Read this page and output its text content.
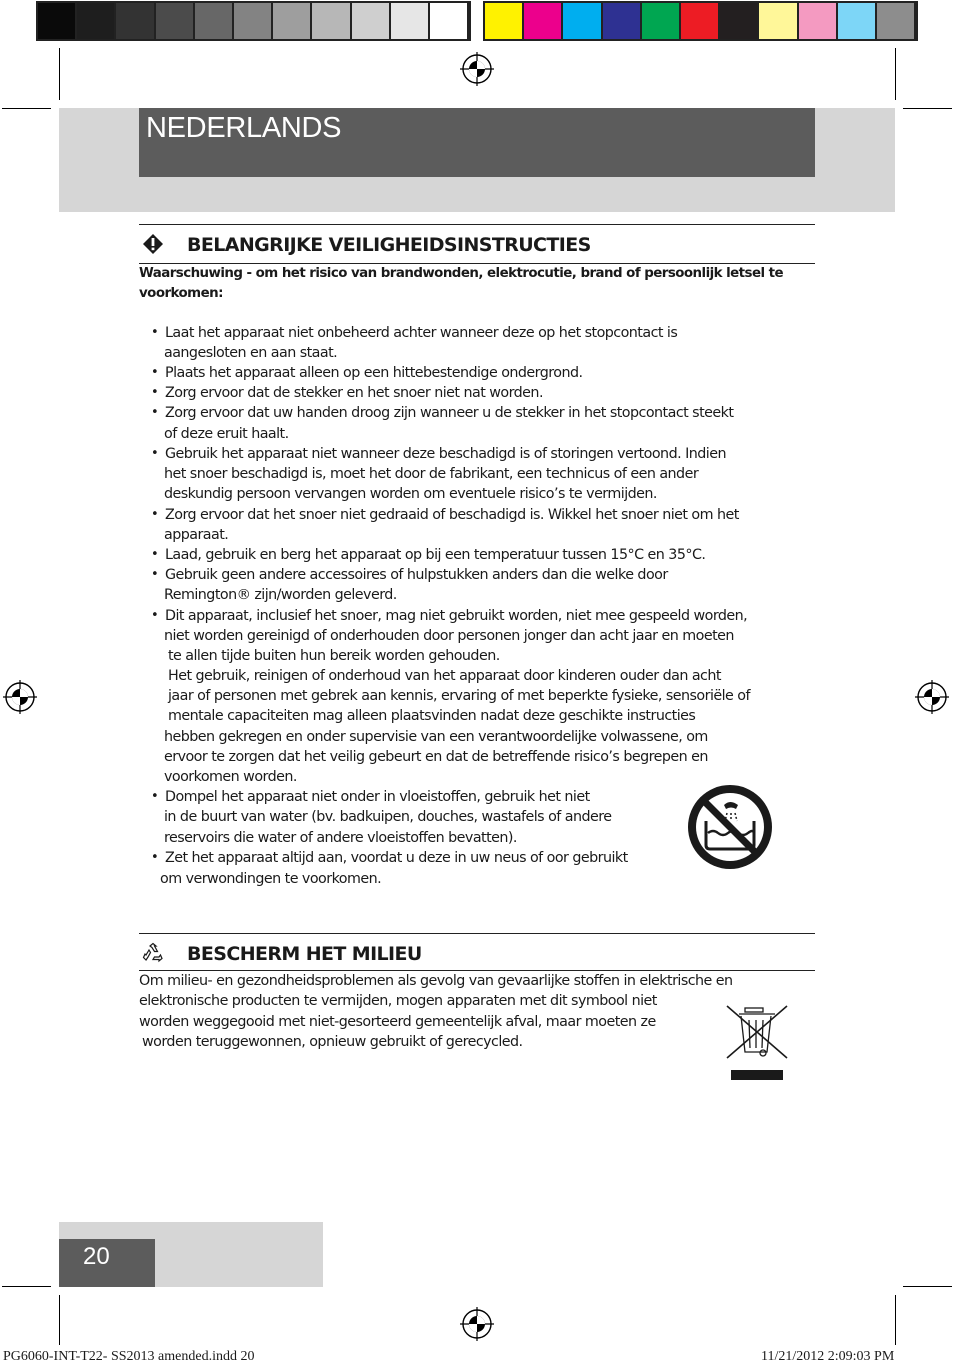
NEDERLANDS
BELANGRIJKE VEILIGHEIDSINSTRUCTIES
Waarschuwing - om het risico van brandwonden, elektrocutie, brand of persoonlijk letsel te voorkomen:
• Laat het apparaat niet onbeheerd achter wanneer deze op het stopcontact is
aangesloten en aan staat.
• Plaats het apparaat alleen op een hittebestendige ondergrond.
• Zorg ervoor dat de stekker en het snoer niet nat worden.
• Zorg ervoor dat uw handen droog zijn wanneer u de stekker in het stopcontact steekt
of deze eruit haalt.
• Gebruik het apparaat niet wanneer deze beschadigd is of storingen vertoond. Indien
het snoer beschadigd is, moet het door de fabrikant, een technicus of een ander
deskundig persoon vervangen worden om eventuele risico’s te vermijden.
• Zorg ervoor dat het snoer niet gedraaid of beschadigd is. Wikkel het snoer niet om het
apparaat.
• Laad, gebruik en berg het apparaat op bij een temperatuur tussen 15°C en 35°C.
• Gebruik geen andere accessoires of hulpstukken anders dan die welke door
Remington® zijn/worden geleverd.
• Dit apparaat, inclusief het snoer, mag niet gebruikt worden, niet mee gespeeld worden,
niet worden gereinigd of onderhouden door personen jonger dan acht jaar en moeten
te allen tijde buiten hun bereik worden gehouden.
Het gebruik, reinigen of onderhoud van het apparaat door kinderen ouder dan acht
jaar of personen met gebrek aan kennis, ervaring of met beperkte fysieke, sensoriële of
mentale capaciteiten mag alleen plaatsvinden nadat deze geschikte instructies
hebben gekregen en onder supervisie van een verantwoordelijke volwassene, om
ervoor te zorgen dat het veilig gebeurt en dat de betreffende risico’s begrepen en
voorkomen worden.
• Dompel het apparaat niet onder in vloeistoffen, gebruik het niet
in de buurt van water (bv. badkuipen, douches, wastafels of andere
reservoirs die water of andere vloeistoffen bevatten).
• Zet het apparaat altijd aan, voordat u deze in uw neus of oor gebruikt
om verwondingen te voorkomen.
BESCHERM HET MILIEU
Om milieu- en gezondheidsproblemen als gevolg van gevaarlijke stoffen in elektrische en
elektronische producten te vermijden, mogen apparaten met dit symbool niet
worden weggegooid met niet-gesorteerd gemeentelijk afval, maar moeten ze
worden teruggewonnen, opnieuw gebruikt of gerecycled.
20
PG6060-INT-T22- SS2013 amended.indd 20	11/21/2012 2:09:03 PM
